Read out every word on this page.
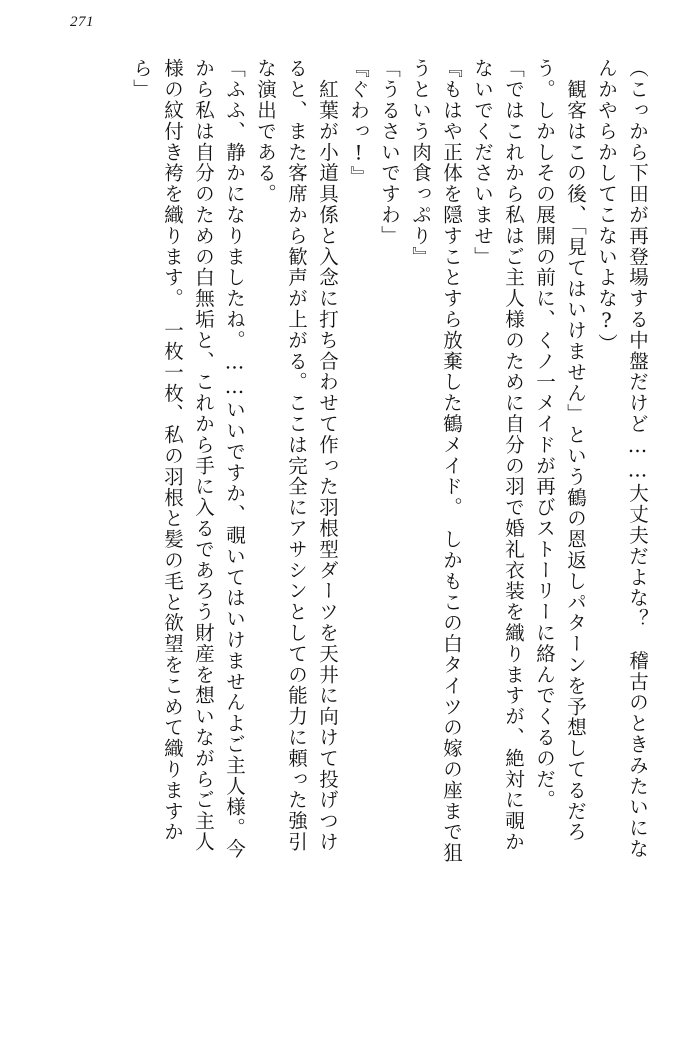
271
（こっから下田が再登場する中盤だけど……大丈夫だよな？　稽古のときみたいにな
んかやらかしてこないよな?）
　観客はこの後、「見てはいけません」という鶴の恩返しパターンを予想してるだろ
う。しかしその展開の前に、くノ一メイドが再びストーリーに絡んでくるのだ。
「ではこれから私はご主人様のために自分の羽で婚礼衣装を織りますが、絶対に覗か
ないでくださいませ」
『もはや正体を隠すことすら放棄した鶴メイド。　しかもこの白タイツの嫁の座まで狙
うという肉食っぷり』
「うるさいですわ」
『ぐわっ!』
　紅葉が小道具係と入念に打ち合わせて作った羽根型ダーツを天井に向けて投げつけ
ると、また客席から歓声が上がる。ここは完全にアサシンとしての能力に頼った強引
な演出である。
「ふふ、静かになりましたね。……いいですか、覗いてはいけませんよご主人様。今
から私は自分のための白無垢と、これから手に入るであろう財産を想いながらご主人
様の紋付き袴を織ります。　一枚一枚、私の羽根と髪の毛と欲望をこめて織りますか
ら」
